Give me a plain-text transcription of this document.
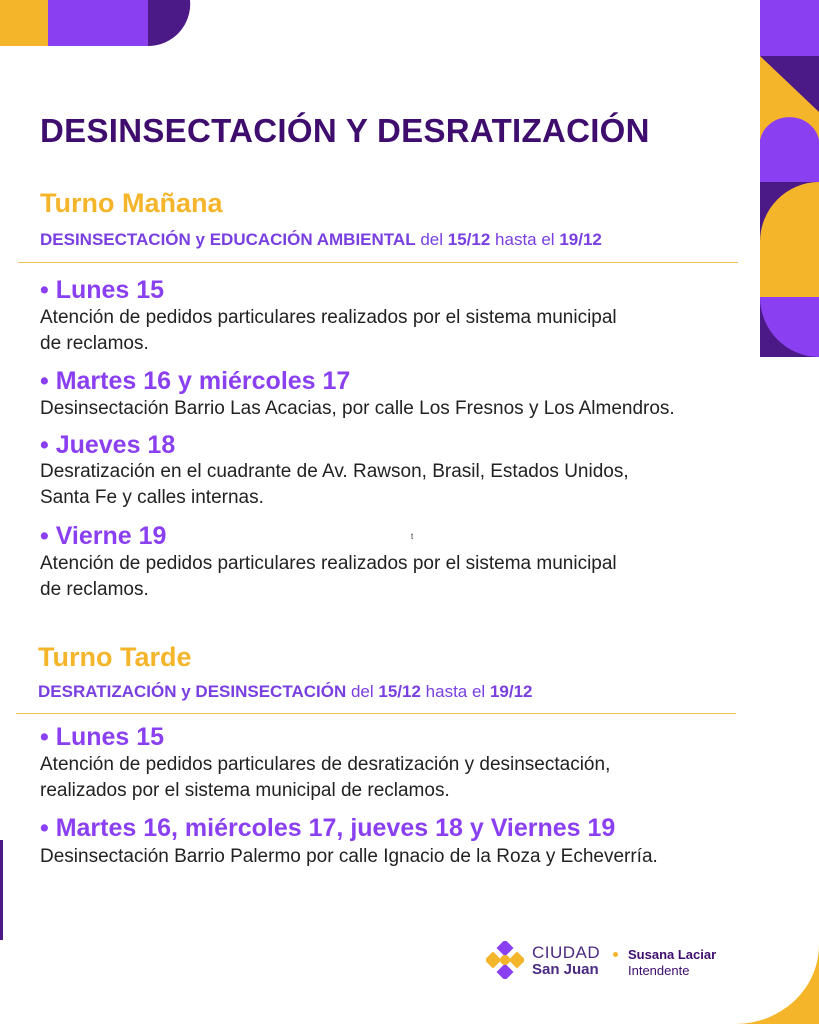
DESINSECTACIÓN Y DESRATIZACIÓN
Turno Mañana
DESINSECTACIÓN y EDUCACIÓN AMBIENTAL del 15/12 hasta el 19/12
• Lunes 15
Atención de pedidos particulares realizados por el sistema municipal
de reclamos.
• Martes 16 y miércoles 17
Desinsectación Barrio Las Acacias, por calle Los Fresnos y Los Almendros.
• Jueves 18
Desratización en el cuadrante de Av. Rawson, Brasil, Estados Unidos,
Santa Fe y calles internas.
• Vierne 19	t
Atención de pedidos particulares realizados por el sistema municipal
de reclamos.
Turno Tarde
DESRATIZACIÓN y DESINSECTACIÓN del 15/12 hasta el 19/12
• Lunes 15
Atención de pedidos particulares de desratización y desinsectación,
realizados por el sistema municipal de reclamos.
• Martes 16, miércoles 17, jueves 18 y Viernes 19
Desinsectación Barrio Palermo por calle Ignacio de la Roza y Echeverría.
CIUDAD
San Juan
Susana Laciar
Intendente
